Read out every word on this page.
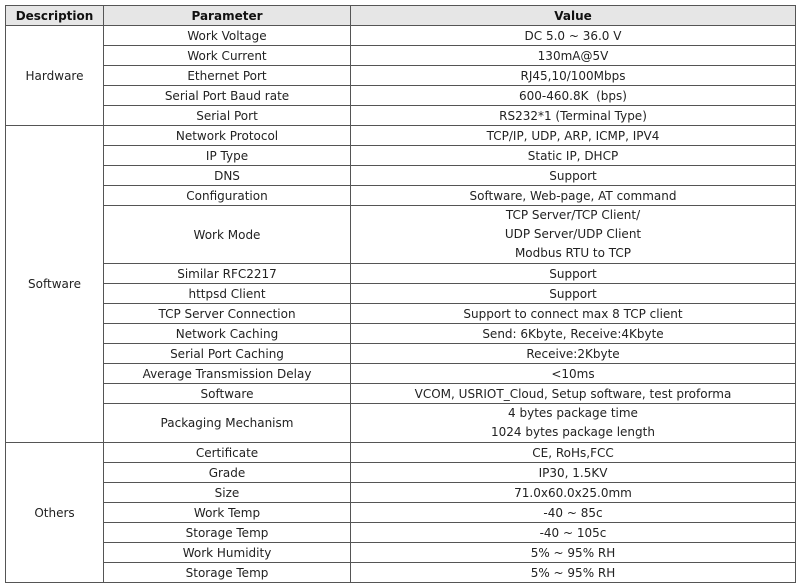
Description	Parameter	Value
Hardware	Work Voltage	DC 5.0 ~ 36.0 V
	Work Current	130mA@5V
	Ethernet Port	RJ45,10/100Mbps
	Serial Port Baud rate	600-460.8K  (bps)
	Serial Port	RS232*1 (Terminal Type)
Software	Network Protocol	TCP/IP, UDP, ARP, ICMP, IPV4
	IP Type	Static IP, DHCP
	DNS	Support
	Configuration	Software, Web-page, AT command
	Work Mode	TCP Server/TCP Client/
UDP Server/UDP Client
Modbus RTU to TCP

	Similar RFC2217	Support
	httpsd Client	Support
	TCP Server Connection	Support to connect max 8 TCP client
	Network Caching	Send: 6Kbyte, Receive:4Kbyte
	Serial Port Caching	Receive:2Kbyte
	Average Transmission Delay	<10ms
	Software	VCOM, USRIOT_Cloud, Setup software, test proforma
	Packaging Mechanism	4 bytes package time
1024 bytes package length

Others	Certificate	CE, RoHs,FCC
	Grade	IP30, 1.5KV
	Size	71.0x60.0x25.0mm
	Work Temp	-40 ~ 85c
	Storage Temp	-40 ~ 105c
	Work Humidity	5% ~ 95% RH
	Storage Temp	5% ~ 95% RH
